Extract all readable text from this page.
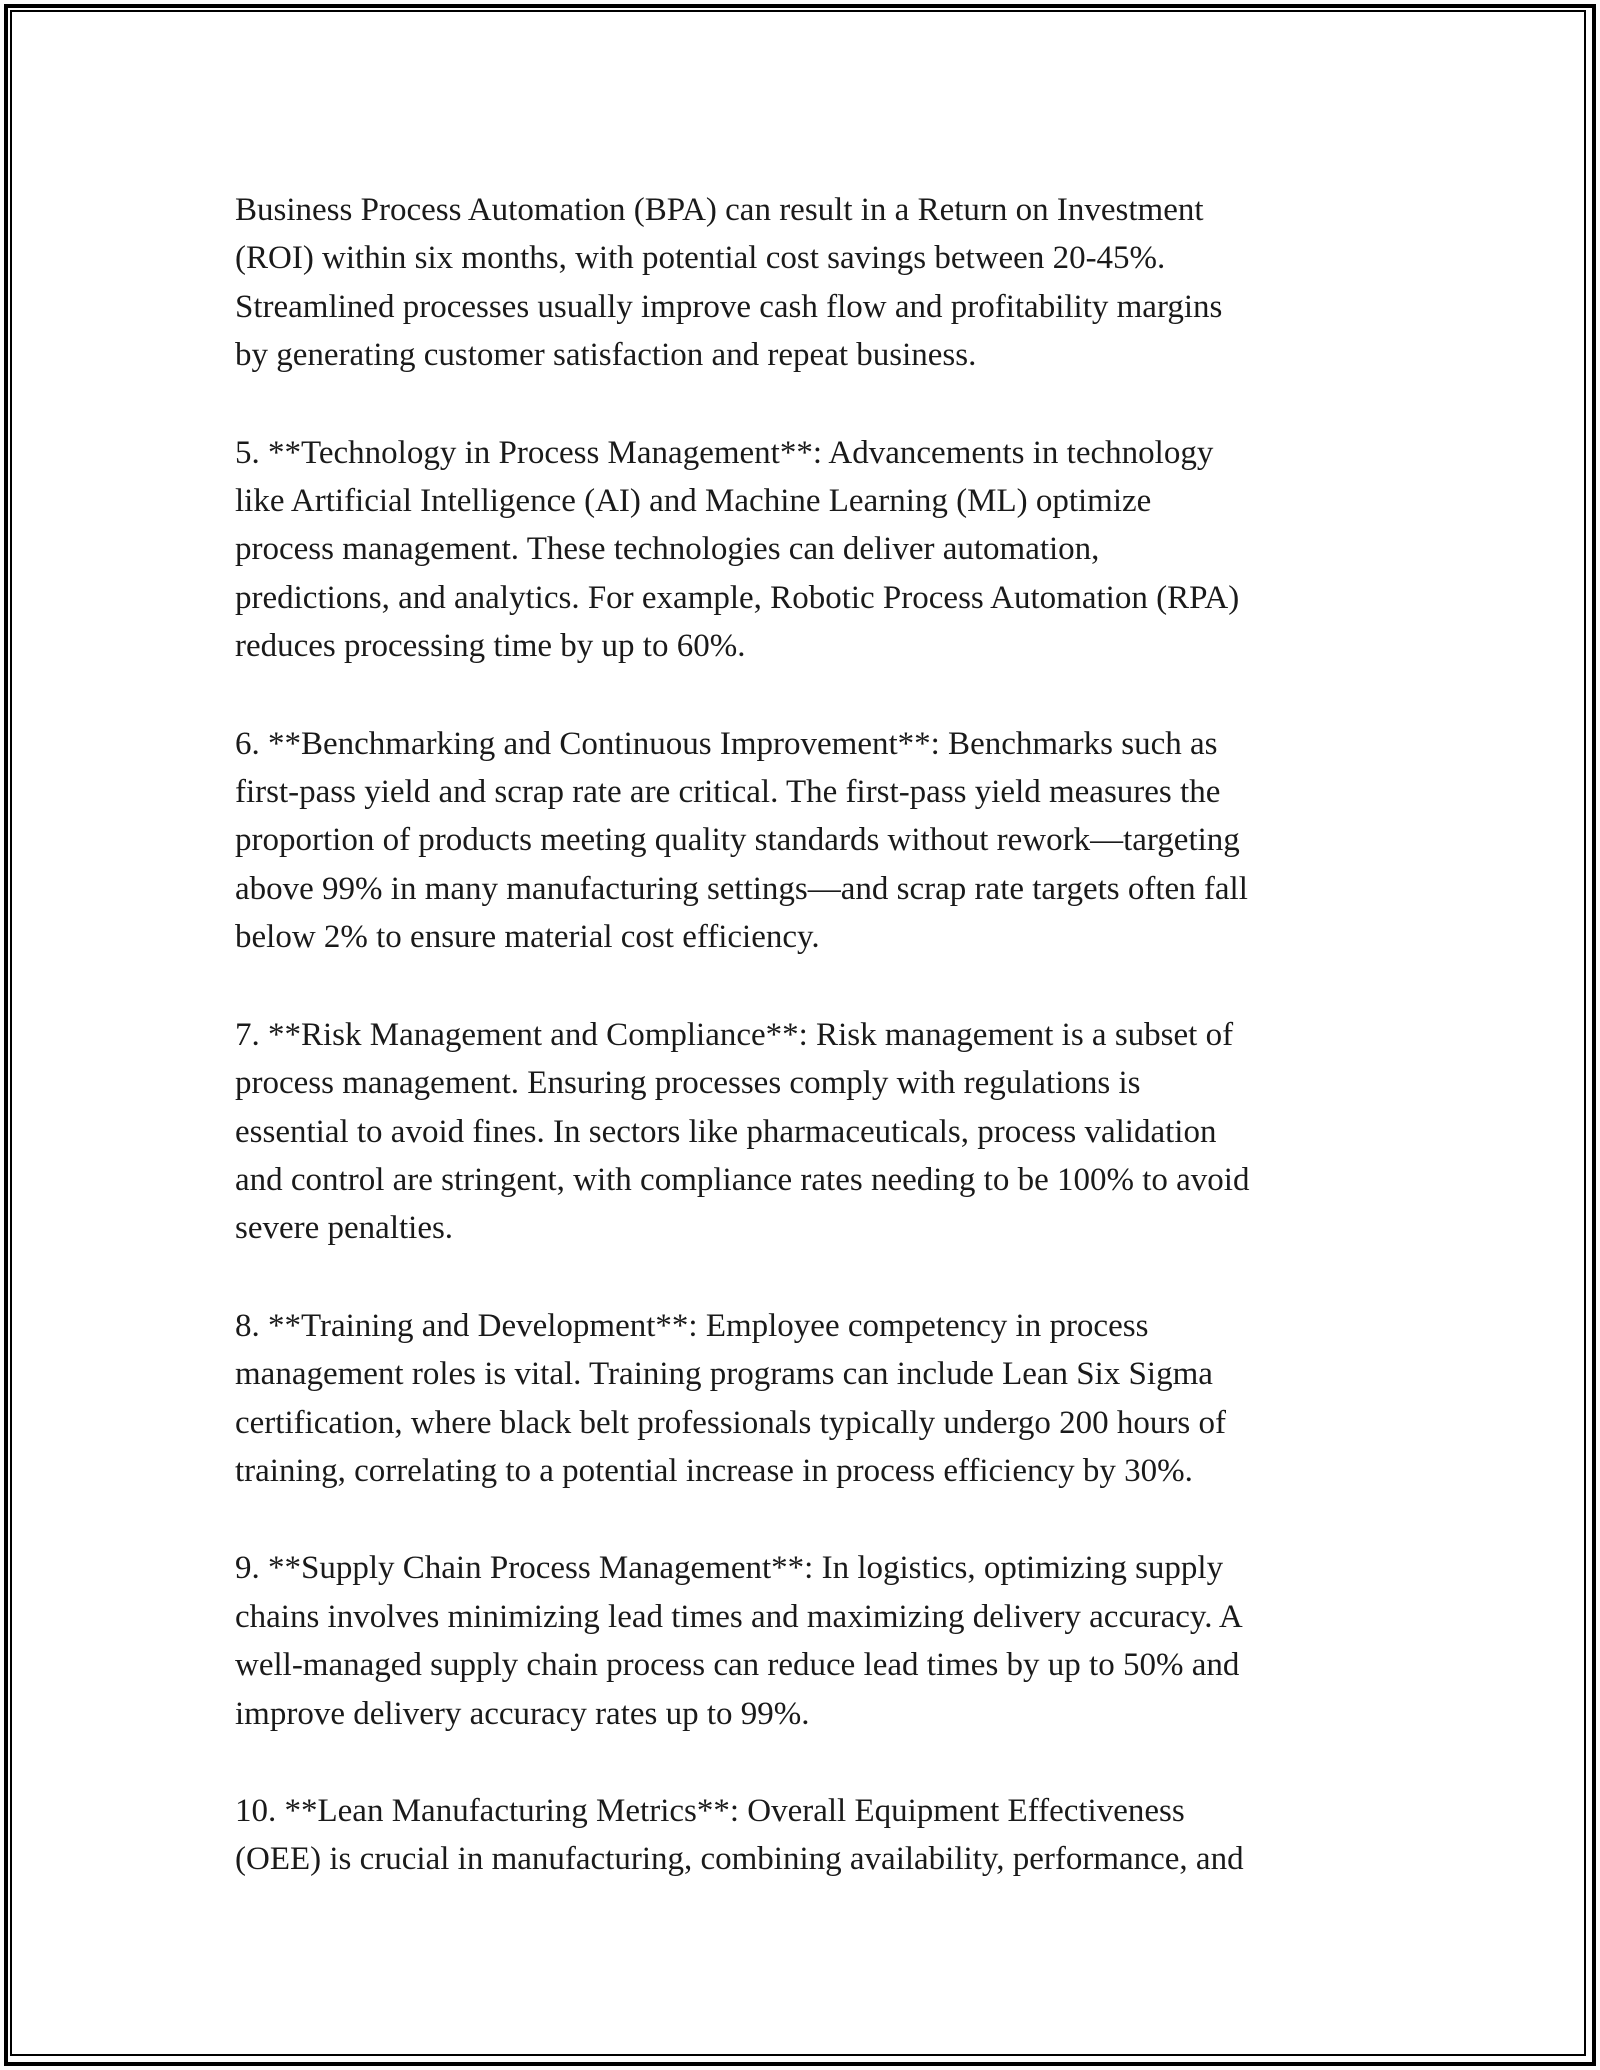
Business Process Automation (BPA) can result in a Return on Investment
(ROI) within six months, with potential cost savings between 20-45%.
Streamlined processes usually improve cash flow and profitability margins
by generating customer satisfaction and repeat business.

5. **Technology in Process Management**: Advancements in technology
like Artificial Intelligence (AI) and Machine Learning (ML) optimize
process management. These technologies can deliver automation,
predictions, and analytics. For example, Robotic Process Automation (RPA)
reduces processing time by up to 60%.

6. **Benchmarking and Continuous Improvement**: Benchmarks such as
first-pass yield and scrap rate are critical. The first-pass yield measures the
proportion of products meeting quality standards without rework—targeting
above 99% in many manufacturing settings—and scrap rate targets often fall
below 2% to ensure material cost efficiency.

7. **Risk Management and Compliance**: Risk management is a subset of
process management. Ensuring processes comply with regulations is
essential to avoid fines. In sectors like pharmaceuticals, process validation
and control are stringent, with compliance rates needing to be 100% to avoid
severe penalties.

8. **Training and Development**: Employee competency in process
management roles is vital. Training programs can include Lean Six Sigma
certification, where black belt professionals typically undergo 200 hours of
training, correlating to a potential increase in process efficiency by 30%.

9. **Supply Chain Process Management**: In logistics, optimizing supply
chains involves minimizing lead times and maximizing delivery accuracy. A
well-managed supply chain process can reduce lead times by up to 50% and
improve delivery accuracy rates up to 99%.

10. **Lean Manufacturing Metrics**: Overall Equipment Effectiveness
(OEE) is crucial in manufacturing, combining availability, performance, and
